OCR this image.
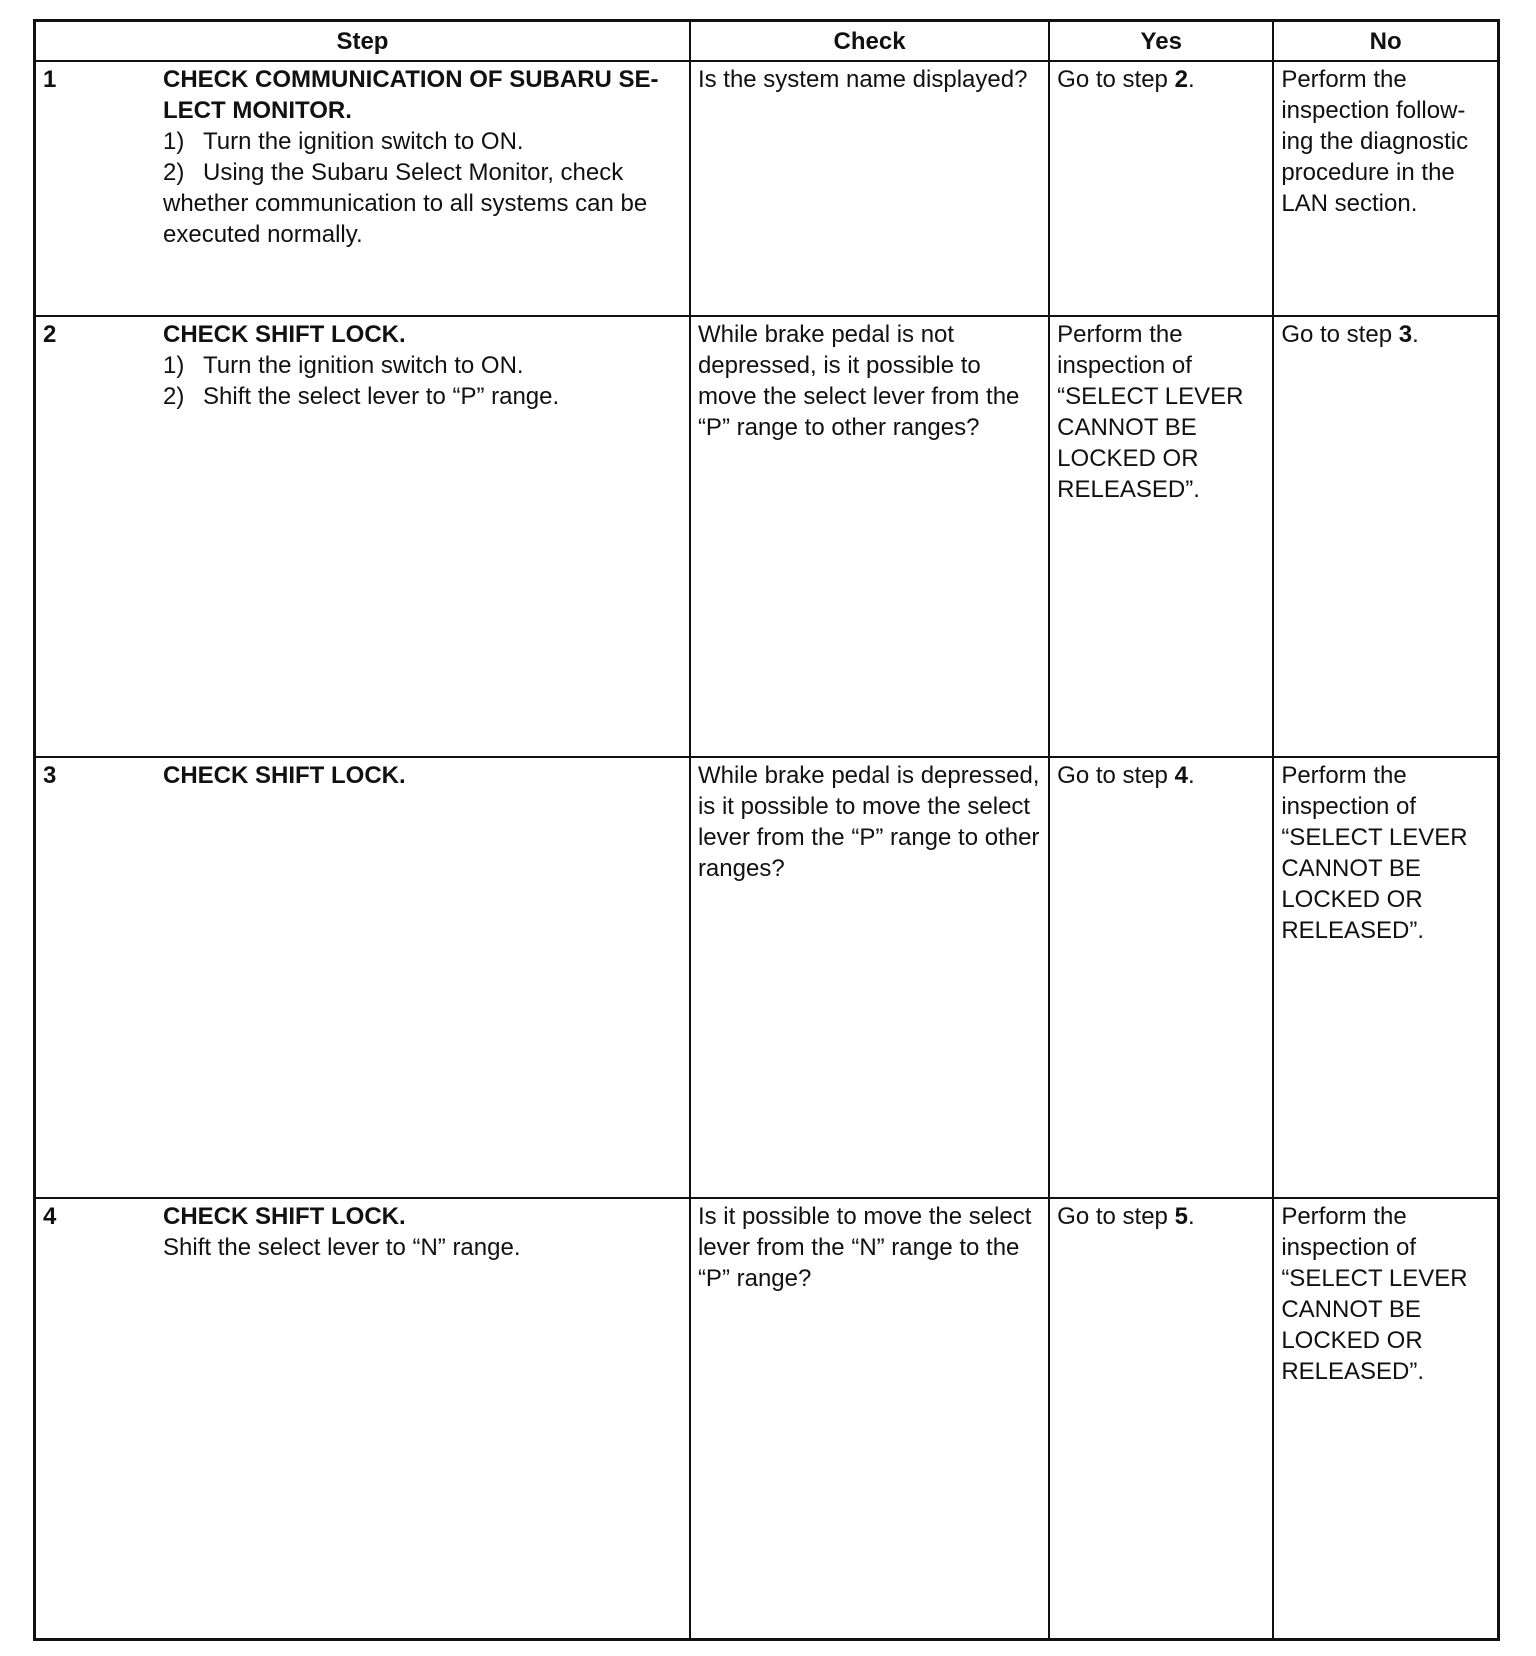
Step	Check	Yes	No

1 CHECK COMMUNICATION OF SUBARU SE- LECT MONITOR.
1) Turn the ignition switch to ON.
2) Using the Subaru Select Monitor, check whether communication to all systems can be executed normally.	Is the system name displayed?	Go to step 2.	Perform the inspection follow- ing the diagnostic procedure in the LAN section.

2 CHECK SHIFT LOCK.
1) Turn the ignition switch to ON.
2) Shift the select lever to “P” range.	While brake pedal is not depressed, is it possible to move the select lever from the “P” range to other ranges?	Perform the inspection of “SELECT LEVER CANNOT BE LOCKED OR RELEASED”.	Go to step 3.

3 CHECK SHIFT LOCK.	While brake pedal is depressed, is it possible to move the select lever from the “P” range to other ranges?	Go to step 4.	Perform the inspection of “SELECT LEVER CANNOT BE LOCKED OR RELEASED”.

4 CHECK SHIFT LOCK.
Shift the select lever to “N” range.	Is it possible to move the select lever from the “N” range to the “P” range?	Go to step 5.	Perform the inspection of “SELECT LEVER CANNOT BE LOCKED OR RELEASED”.
